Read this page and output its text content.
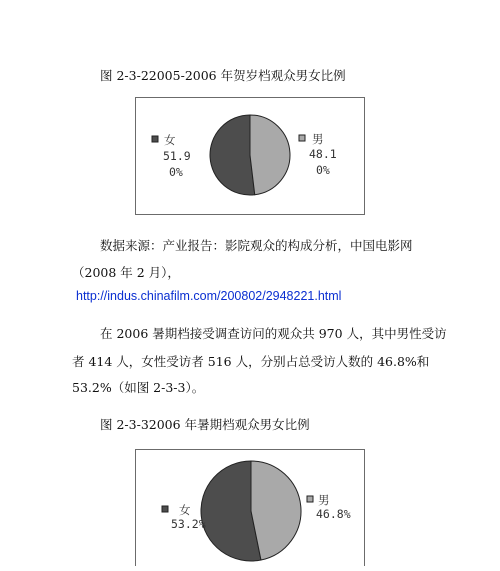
图 2-3-22005-2006 年贺岁档观众男女比例
女
51.9
0%
男
48.1
0%
数据来源：产业报告：影院观众的构成分析，中国电影网
（2008 年 2 月），
http://indus.chinafilm.com/200802/2948221.html
在 2006 暑期档接受调查访问的观众共 970 人，其中男性受访
者 414 人，女性受访者 516 人，分别占总受访人数的 46.8%和
53.2%（如图 2-3-3）。
图 2-3-32006 年暑期档观众男女比例
女
53.2%
男
46.8%
